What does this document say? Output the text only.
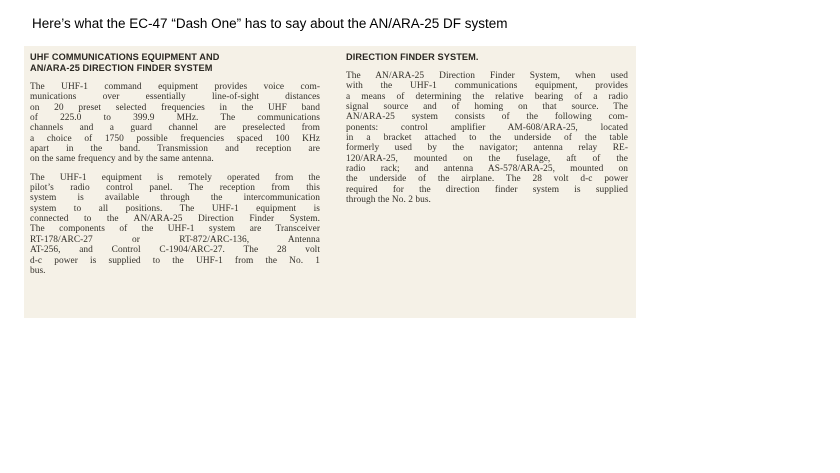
Here’s what the EC-47 “Dash One” has to say about the AN/ARA-25 DF system
UHF COMMUNICATIONS EQUIPMENT AND
AN/ARA-25 DIRECTION FINDER SYSTEM
The UHF-1 command equipment provides voice com-
munications over essentially line-of-sight distances
on 20 preset selected frequencies in the UHF band
of 225.0 to 399.9 MHz. The communications
channels and a guard channel are preselected from
a choice of 1750 possible frequencies spaced 100 KHz
apart in the band. Transmission and reception are
on the same frequency and by the same antenna.
The UHF-1 equipment is remotely operated from the
pilot’s radio control panel. The reception from this
system is available through the intercommunication
system to all positions. The UHF-1 equipment is
connected to the AN/ARA-25 Direction Finder System.
The components of the UHF-1 system are Transceiver
RT-178/ARC-27 or RT-872/ARC-136, Antenna
AT-256, and Control C-1904/ARC-27. The 28 volt
d-c power is supplied to the UHF-1 from the No. 1
bus.
DIRECTION FINDER SYSTEM.
The AN/ARA-25 Direction Finder System, when used
with the UHF-1 communications equipment, provides
a means of determining the relative bearing of a radio
signal source and of homing on that source. The
AN/ARA-25 system consists of the following com-
ponents: control amplifier AM-608/ARA-25, located
in a bracket attached to the underside of the table
formerly used by the navigator; antenna relay RE-
120/ARA-25, mounted on the fuselage, aft of the
radio rack; and antenna AS-578/ARA-25, mounted on
the underside of the airplane. The 28 volt d-c power
required for the direction finder system is supplied
through the No. 2 bus.
